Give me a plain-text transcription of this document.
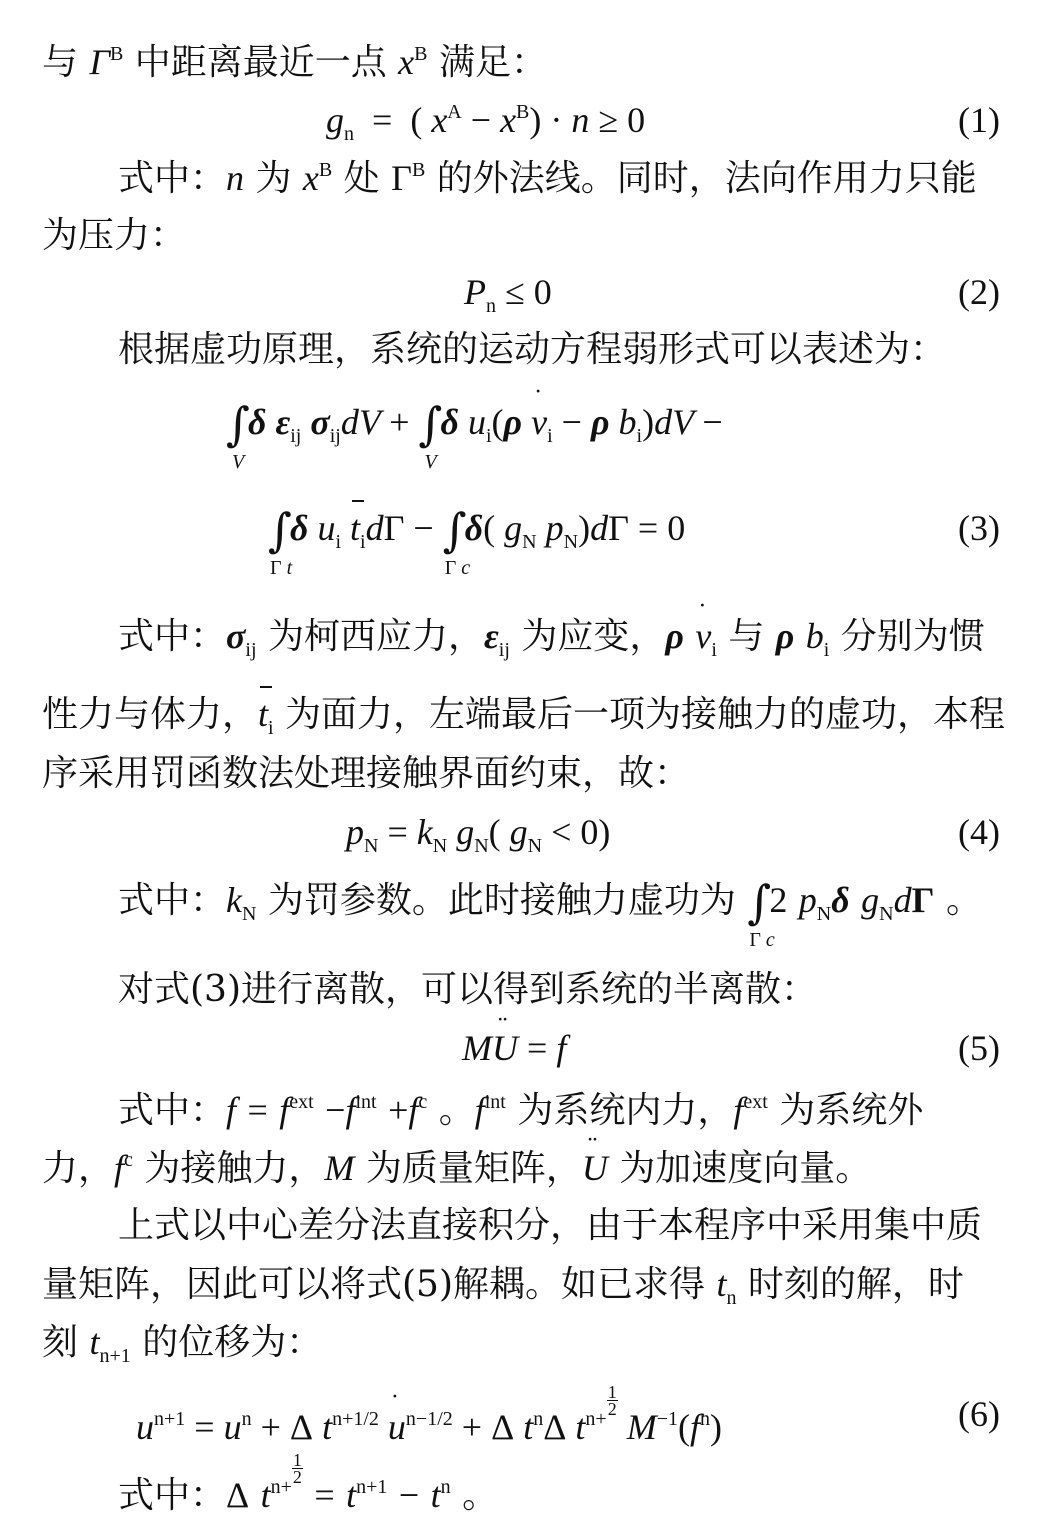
与 $\Gamma^B$ 中距离最近一点 $x^B$ 满足：
$g_n$ = ( $x^A - x^B) \cdot n \ge 0$	(1)
式中：n 为 $x^B$ 处 $\Gamma^B$ 的外法线。同时，法向作用力只能
为压力：
$P_n \le 0$	(2)
根据虚功原理，系统的运动方程弱形式可以表述为：
∫
V
δ $\varepsilon_{ij}$ $\sigma_{ij}dV$ + ∫
V
δ $u_i(\rho \cdot v_i - \rho$ $b_i)dV$ −
∫
Γ t
δ $u_i$ $t_id\Gamma$ − ∫
Γ c
δ( $g_N$ $p_N)d\Gamma = 0$	(3)
式中：$\sigma_{ij}$ 为柯西应力，$\varepsilon_{ij}$ 为应变，$\rho \cdot v_i$ 与 ρ $b_i$ 分别为惯
性力与体力，$t_i$ 为面力，左端最后一项为接触力的虚功，本程
序采用罚函数法处理接触界面约束，故：
$p_N = k_N$ $g_N$( $g_N < 0$)	(4)
式中：$k_N$ 为罚参数。此时接触力虚功为 ∫
Γ c
2 $p_N\delta$ $g_Nd\Gamma$ 。
对式(3)进行离散，可以得到系统的半离散：
M¨ U = f	(5)
式中：$f = f^{ext} -f^{int} +f^c$ 。$f^{int}$ 为系统内力，$f^{ext}$ 为系统外
力，$f^c$ 为接触力，M 为质量矩阵，¨ U 为加速度向量。
上式以中心差分法直接积分，由于本程序中采用集中质
量矩阵，因此可以将式(5)解耦。如已求得 $t_n$ 时刻的解，时
刻 $t_{n+1}$ 的位移为：
$u^{n+1} = u^n + \Delta$ $t^{n+1/2} \cdot u^{n-1/2} + \Delta$ $t^n\Delta$ $t^{n+ \frac{1}{2}}$
$M^{-1}(f^n)$	(6)
式中：Δ $t^{n+ \frac{1}{2}}$
= $t^{n+1} - t^n$ 。
